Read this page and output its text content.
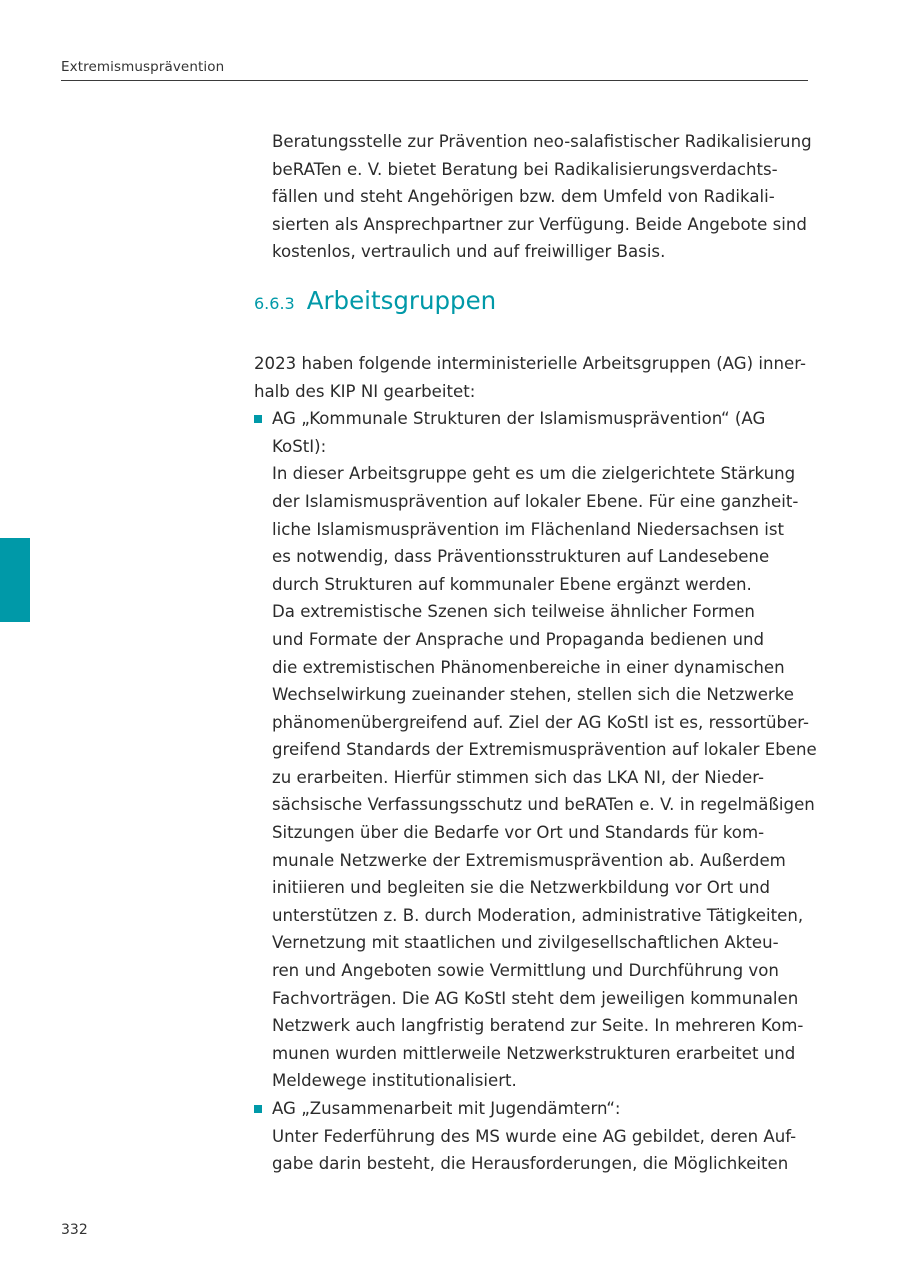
Extremismusprävention
Beratungsstelle zur Prävention neo-salafistischer Radikalisierung
beRATen e. V. bietet Beratung bei Radikalisierungsverdachts-
fällen und steht Angehörigen bzw. dem Umfeld von Radikali-
sierten als Ansprechpartner zur Verfügung. Beide Angebote sind
kostenlos, vertraulich und auf freiwilliger Basis.
6.6.3 Arbeitsgruppen
2023 haben folgende interministerielle Arbeitsgruppen (AG) inner-
halb des KIP NI gearbeitet:
AG „Kommunale Strukturen der Islamismusprävention“ (AG
KoStI):
In dieser Arbeitsgruppe geht es um die zielgerichtete Stärkung
der Islamismusprävention auf lokaler Ebene. Für eine ganzheit-
liche Islamismusprävention im Flächenland Niedersachsen ist
es notwendig, dass Präventionsstrukturen auf Landesebene
durch Strukturen auf kommunaler Ebene ergänzt werden.
Da extremistische Szenen sich teilweise ähnlicher Formen
und Formate der Ansprache und Propaganda bedienen und
die extremistischen Phänomenbereiche in einer dynamischen
Wechselwirkung zueinander stehen, stellen sich die Netzwerke
phänomenübergreifend auf. Ziel der AG KoStI ist es, ressortüber-
greifend Standards der Extremismusprävention auf lokaler Ebene
zu erarbeiten. Hierfür stimmen sich das LKA NI, der Nieder-
sächsische Verfassungsschutz und beRATen e. V. in regelmäßigen
Sitzungen über die Bedarfe vor Ort und Standards für kom-
munale Netzwerke der Extremismusprävention ab. Außerdem
initiieren und begleiten sie die Netzwerkbildung vor Ort und
unterstützen z. B. durch Moderation, administrative Tätigkeiten,
Vernetzung mit staatlichen und zivilgesellschaftlichen Akteu-
ren und Angeboten sowie Vermittlung und Durchführung von
Fachvorträgen. Die AG KoStI steht dem jeweiligen kommunalen
Netzwerk auch langfristig beratend zur Seite. In mehreren Kom-
munen wurden mittlerweile Netzwerkstrukturen erarbeitet und
Meldewege institutionalisiert.
AG „Zusammenarbeit mit Jugendämtern“:
Unter Federführung des MS wurde eine AG gebildet, deren Auf-
gabe darin besteht, die Herausforderungen, die Möglichkeiten
332
